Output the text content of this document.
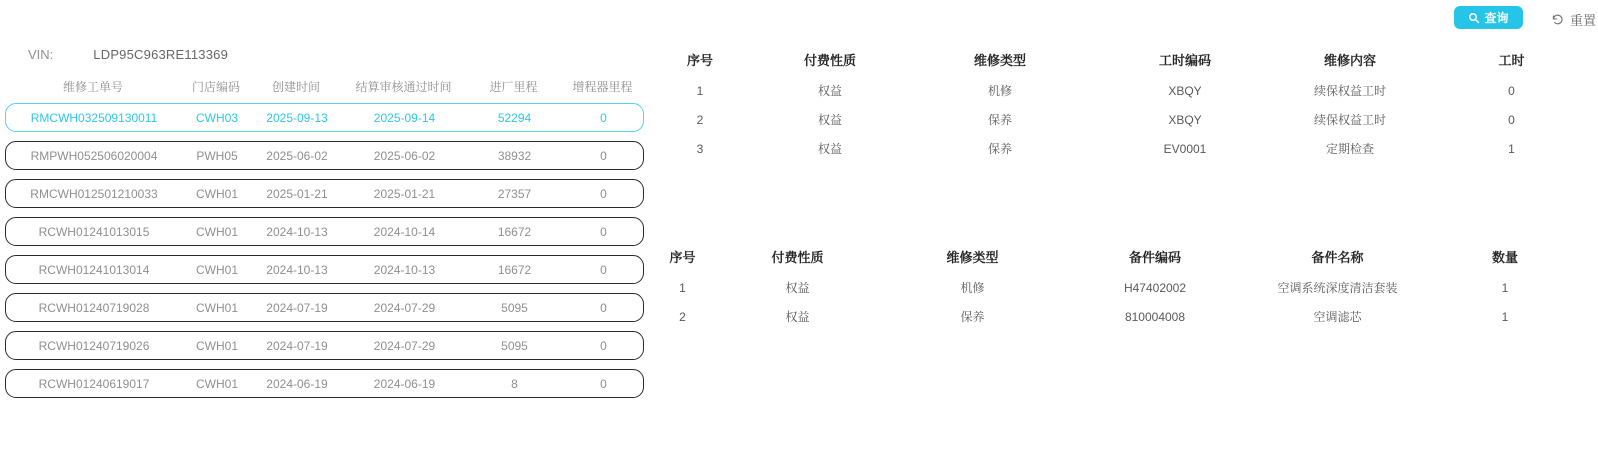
查询	重置
VIN:	LDP95C963RE113369
维修工单号	门店编码	创建时间	结算审核通过时间	进厂里程	增程器里程
RMCWH032509130011	CWH03	2025-09-13	2025-09-14	52294	0
RMPWH052506020004	PWH05	2025-06-02	2025-06-02	38932	0
RMCWH012501210033	CWH01	2025-01-21	2025-01-21	27357	0
RCWH01241013015	CWH01	2024-10-13	2024-10-14	16672	0
RCWH01241013014	CWH01	2024-10-13	2024-10-13	16672	0
RCWH01240719028	CWH01	2024-07-19	2024-07-29	5095	0
RCWH01240719026	CWH01	2024-07-19	2024-07-29	5095	0
RCWH01240619017	CWH01	2024-06-19	2024-06-19	8	0
序号	付费性质	维修类型	工时编码	维修内容	工时
1	权益	机修	XBQY	续保权益工时	0
2	权益	保养	XBQY	续保权益工时	0
3	权益	保养	EV0001	定期检查	1
序号	付费性质	维修类型	备件编码	备件名称	数量
1	权益	机修	H47402002	空调系统深度清洁套装	1
2	权益	保养	810004008	空调滤芯	1
